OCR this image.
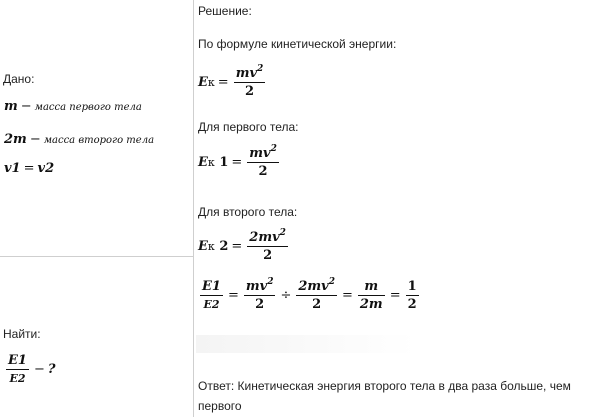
Дано:
m − масса первого тела
2m − масса второго тела
v1 = v2
Найти:
$\frac{E1}{E2}$ − ?
Решение:
По формуле кинетической энергии:
Eк = $\frac{mv^2}{2}$
Для первого тела:
Eк $1 = \frac{mv^2}{2}$
Для второго тела:
Eк $2 = \frac{2mv^2}{2}$
$\frac{E1}{E2} = \frac{mv^2}{2} \div \frac{2mv^2}{2} = \frac{m}{2m} = \frac{1}{2}$
Ответ: Кинетическая энергия второго тела в два раза больше, чем
первого
